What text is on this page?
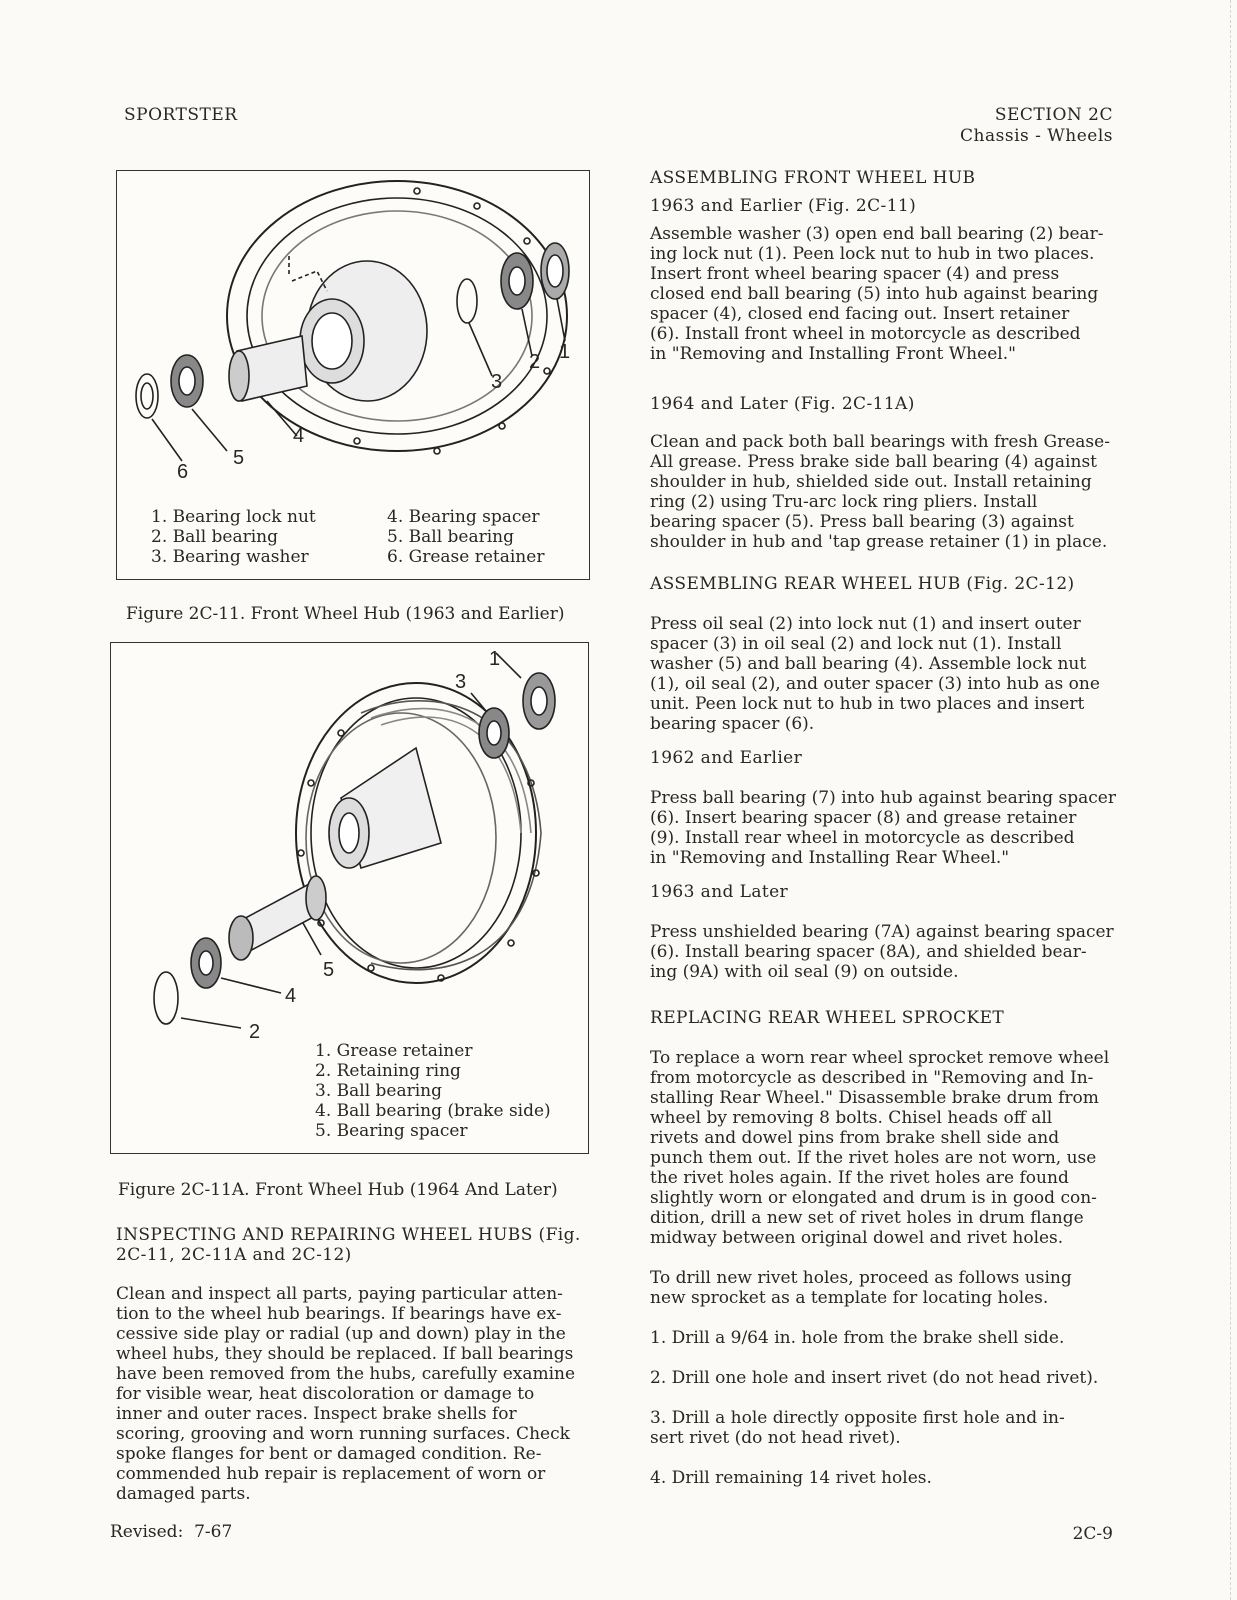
SPORTSTER	SECTION 2C
Chassis - Wheels
1
2
3
4
5
6
1. Bearing lock nut
2. Ball bearing
3. Bearing washer
4. Bearing spacer
5. Ball bearing
6. Grease retainer
Figure 2C-11. Front Wheel Hub (1963 and Earlier)
1
3
5
4
2
1. Grease retainer
2. Retaining ring
3. Ball bearing
4. Ball bearing (brake side)
5. Bearing spacer
Figure 2C-11A. Front Wheel Hub (1964 And Later)
INSPECTING AND REPAIRING WHEEL HUBS (Fig.
2C-11, 2C-11A and 2C-12)
Clean and inspect all parts, paying particular atten-
tion to the wheel hub bearings. If bearings have ex-
cessive side play or radial (up and down) play in the
wheel hubs, they should be replaced. If ball bearings
have been removed from the hubs, carefully examine
for visible wear, heat discoloration or damage to
inner and outer races. Inspect brake shells for
scoring, grooving and worn running surfaces. Check
spoke flanges for bent or damaged condition. Re-
commended hub repair is replacement of worn or
damaged parts.
ASSEMBLING FRONT WHEEL HUB
1963 and Earlier (Fig. 2C-11)
Assemble washer (3) open end ball bearing (2) bear-
ing lock nut (1). Peen lock nut to hub in two places.
Insert front wheel bearing spacer (4) and press
closed end ball bearing (5) into hub against bearing
spacer (4), closed end facing out. Insert retainer
(6). Install front wheel in motorcycle as described
in "Removing and Installing Front Wheel."
1964 and Later (Fig. 2C-11A)
Clean and pack both ball bearings with fresh Grease-
All grease. Press brake side ball bearing (4) against
shoulder in hub, shielded side out. Install retaining
ring (2) using Tru-arc lock ring pliers. Install
bearing spacer (5). Press ball bearing (3) against
shoulder in hub and 'tap grease retainer (1) in place.
ASSEMBLING REAR WHEEL HUB (Fig. 2C-12)
Press oil seal (2) into lock nut (1) and insert outer
spacer (3) in oil seal (2) and lock nut (1). Install
washer (5) and ball bearing (4). Assemble lock nut
(1), oil seal (2), and outer spacer (3) into hub as one
unit. Peen lock nut to hub in two places and insert
bearing spacer (6).
1962 and Earlier
Press ball bearing (7) into hub against bearing spacer
(6). Insert bearing spacer (8) and grease retainer
(9). Install rear wheel in motorcycle as described
in "Removing and Installing Rear Wheel."
1963 and Later
Press unshielded bearing (7A) against bearing spacer
(6). Install bearing spacer (8A), and shielded bear-
ing (9A) with oil seal (9) on outside.
REPLACING REAR WHEEL SPROCKET
To replace a worn rear wheel sprocket remove wheel
from motorcycle as described in "Removing and In-
stalling Rear Wheel." Disassemble brake drum from
wheel by removing 8 bolts. Chisel heads off all
rivets and dowel pins from brake shell side and
punch them out. If the rivet holes are not worn, use
the rivet holes again. If the rivet holes are found
slightly worn or elongated and drum is in good con-
dition, drill a new set of rivet holes in drum flange
midway between original dowel and rivet holes.
To drill new rivet holes, proceed as follows using
new sprocket as a template for locating holes.
1. Drill a 9/64 in. hole from the brake shell side.
2. Drill one hole and insert rivet (do not head rivet).
3. Drill a hole directly opposite first hole and in-
sert rivet (do not head rivet).
4. Drill remaining 14 rivet holes.
Revised:  7-67	2C-9
